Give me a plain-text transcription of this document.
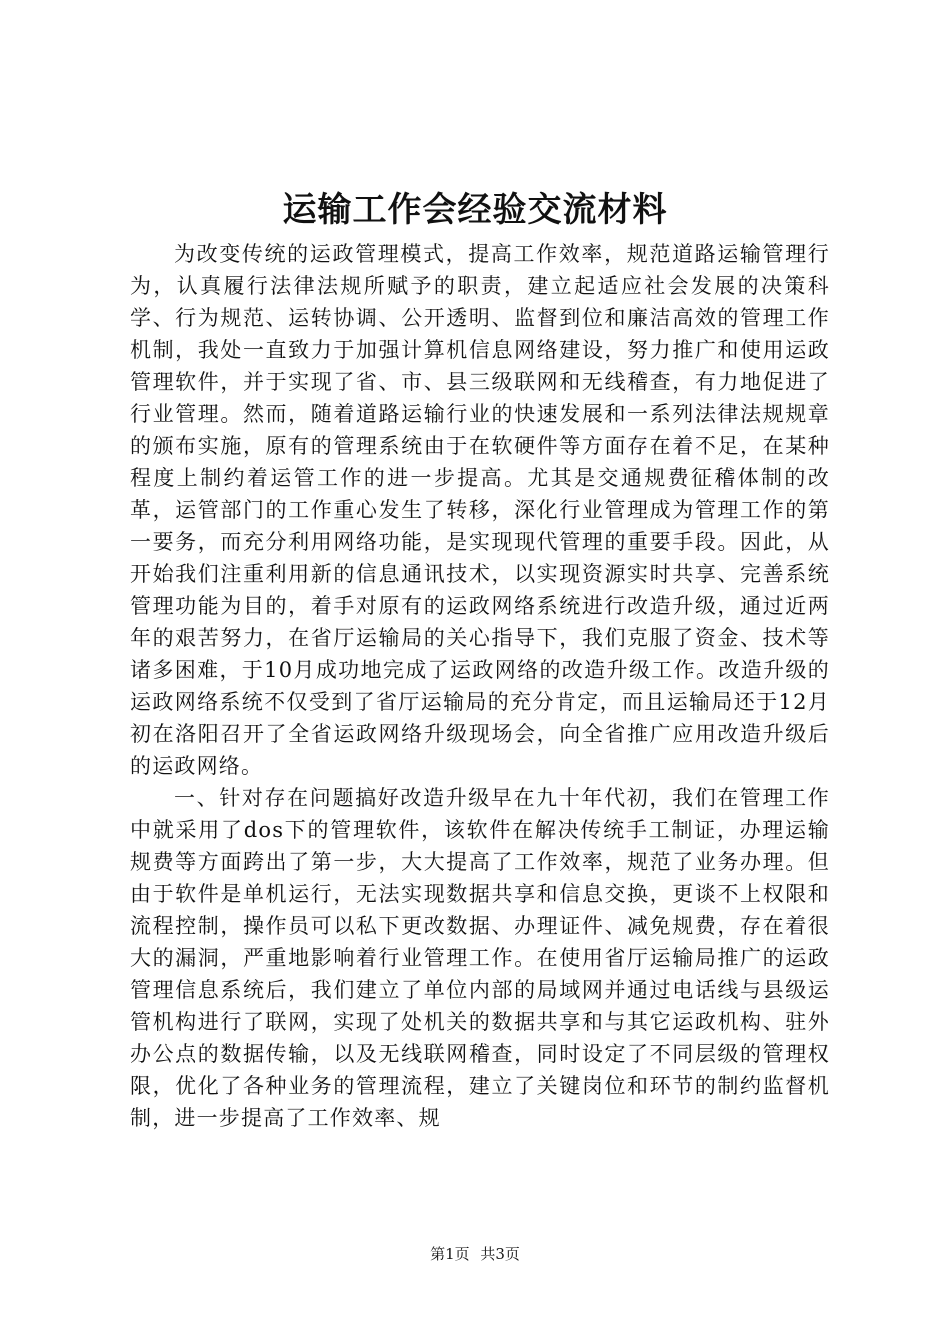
运输工作会经验交流材料

为改变传统的运政管理模式，提高工作效率，规范道路运输管理行为，认真履行法律法规所赋予的职责，建立起适应社会发展的决策科学、行为规范、运转协调、公开透明、监督到位和廉洁高效的管理工作机制，我处一直致力于加强计算机信息网络建设，努力推广和使用运政管理软件，并于实现了省、市、县三级联网和无线稽查，有力地促进了行业管理。然而，随着道路运输行业的快速发展和一系列法律法规规章的颁布实施，原有的管理系统由于在软硬件等方面存在着不足，在某种程度上制约着运管工作的进一步提高。尤其是交通规费征稽体制的改革，运管部门的工作重心发生了转移，深化行业管理成为管理工作的第一要务，而充分利用网络功能，是实现现代管理的重要手段。因此，从开始我们注重利用新的信息通讯技术，以实现资源实时共享、完善系统管理功能为目的，着手对原有的运政网络系统进行改造升级，通过近两年的艰苦努力，在省厅运输局的关心指导下，我们克服了资金、技术等诸多困难，于10月成功地完成了运政网络的改造升级工作。改造升级的运政网络系统不仅受到了省厅运输局的充分肯定，而且运输局还于12月初在洛阳召开了全省运政网络升级现场会，向全省推广应用改造升级后的运政网络。

一、针对存在问题搞好改造升级早在九十年代初，我们在管理工作中就采用了dos下的管理软件，该软件在解决传统手工制证，办理运输规费等方面跨出了第一步，大大提高了工作效率，规范了业务办理。但由于软件是单机运行，无法实现数据共享和信息交换，更谈不上权限和流程控制，操作员可以私下更改数据、办理证件、减免规费，存在着很大的漏洞，严重地影响着行业管理工作。在使用省厅运输局推广的运政管理信息系统后，我们建立了单位内部的局域网并通过电话线与县级运管机构进行了联网，实现了处机关的数据共享和与其它运政机构、驻外办公点的数据传输，以及无线联网稽查，同时设定了不同层级的管理权限，优化了各种业务的管理流程，建立了关键岗位和环节的制约监督机制，进一步提高了工作效率、规

第1页 共3页
